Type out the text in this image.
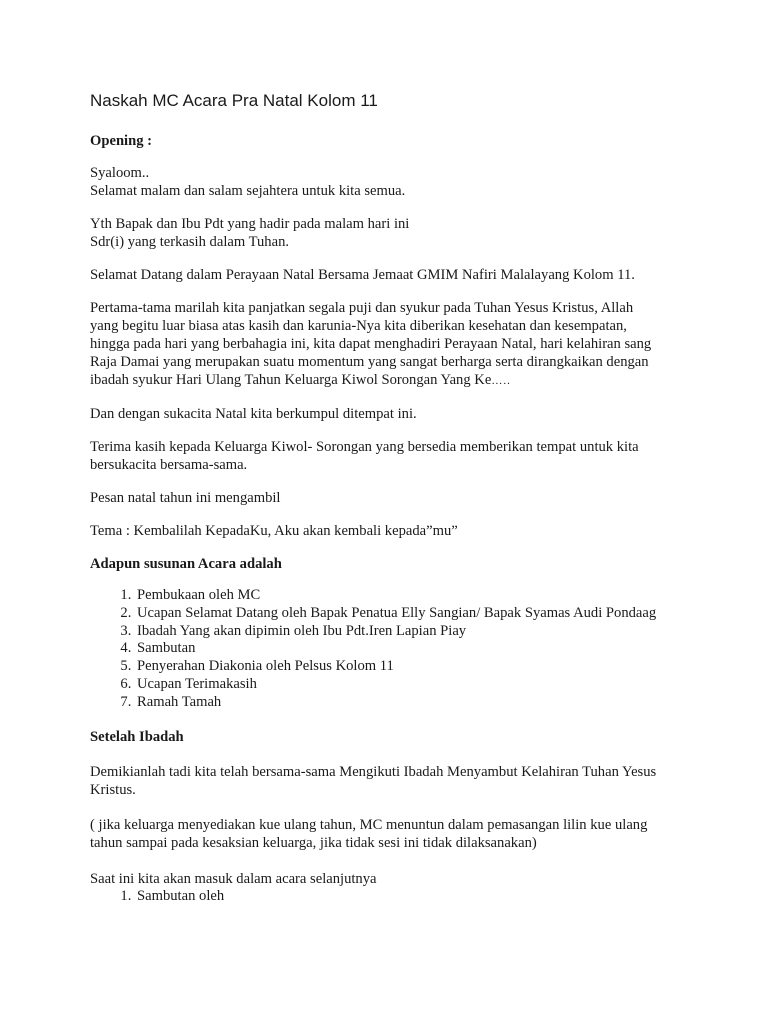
Naskah MC Acara Pra Natal Kolom 11
Opening :

Syaloom..
Selamat malam dan salam sejahtera untuk kita semua.

Yth Bapak dan Ibu Pdt yang hadir pada malam hari ini
Sdr(i) yang terkasih dalam Tuhan.

Selamat Datang dalam Perayaan Natal Bersama Jemaat GMIM Nafiri Malalayang Kolom 11.

Pertama-tama marilah kita panjatkan segala puji dan syukur pada Tuhan Yesus Kristus, Allah
yang begitu luar biasa atas kasih dan karunia-Nya kita diberikan kesehatan dan kesempatan,
hingga pada hari yang berbahagia ini, kita dapat menghadiri Perayaan Natal, hari kelahiran sang
Raja Damai yang merupakan suatu momentum yang sangat berharga serta dirangkaikan dengan
ibadah syukur Hari Ulang Tahun Keluarga Kiwol Sorongan Yang Ke…..

Dan dengan sukacita Natal kita berkumpul ditempat ini.

Terima kasih kepada Keluarga Kiwol- Sorongan yang bersedia memberikan tempat untuk kita
bersukacita bersama-sama.

Pesan natal tahun ini mengambil

Tema : Kembalilah KepadaKu, Aku akan kembali kepada”mu”

Adapun susunan Acara adalah
1. Pembukaan oleh MC
2. Ucapan Selamat Datang oleh Bapak Penatua Elly Sangian/ Bapak Syamas Audi Pondaag
3. Ibadah Yang akan dipimin oleh Ibu Pdt.Iren Lapian Piay
4. Sambutan
5. Penyerahan Diakonia oleh Pelsus Kolom 11
6. Ucapan Terimakasih
7. Ramah Tamah
Setelah Ibadah

Demikianlah tadi kita telah bersama-sama Mengikuti Ibadah Menyambut Kelahiran Tuhan Yesus
Kristus.

( jika keluarga menyediakan kue ulang tahun, MC menuntun dalam pemasangan lilin kue ulang
tahun sampai pada kesaksian keluarga, jika tidak sesi ini tidak dilaksanakan)

Saat ini kita akan masuk dalam acara selanjutnya

1. Sambutan oleh
